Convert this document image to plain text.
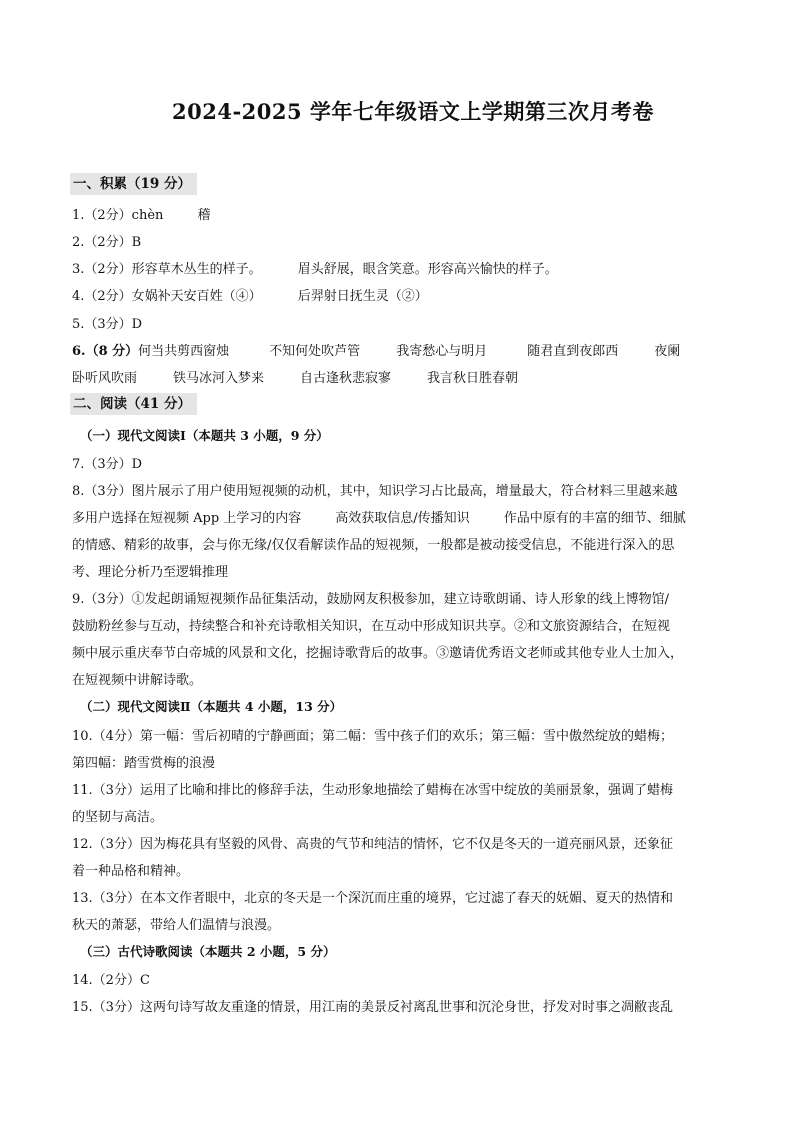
2024-2025 学年七年级语文上学期第三次月考卷
一、积累（19 分）
1.（2分）chèn	稽
2.（2分）B
3.（2分）形容草木丛生的样子。	眉头舒展，眼含笑意。形容高兴愉快的样子。
4.（2分）女娲补天安百姓（④）	后羿射日抚生灵（②）
5.（3分）D
6.（8 分）何当共剪西窗烛	不知何处吹芦管	我寄愁心与明月	随君直到夜郎西	夜阑
卧听风吹雨	铁马冰河入梦来	自古逢秋悲寂寥	我言秋日胜春朝
二、阅读（41 分）
（一）现代文阅读Ⅰ（本题共 3 小题，9 分）
7.（3分）D
8.（3分）图片展示了用户使用短视频的动机，其中，知识学习占比最高，增量最大，符合材料三里越来越
多用户选择在短视频 App 上学习的内容	高效获取信息/传播知识	作品中原有的丰富的细节、细腻
的情感、精彩的故事，会与你无缘/仅仅看解读作品的短视频，一般都是被动接受信息，不能进行深入的思
考、理论分析乃至逻辑推理
9.（3分）①发起朗诵短视频作品征集活动，鼓励网友积极参加，建立诗歌朗诵、诗人形象的线上博物馆/
鼓励粉丝参与互动，持续整合和补充诗歌相关知识，在互动中形成知识共享。②和文旅资源结合，在短视
频中展示重庆奉节白帝城的风景和文化，挖掘诗歌背后的故事。③邀请优秀语文老师或其他专业人士加入，
在短视频中讲解诗歌。
（二）现代文阅读Ⅱ（本题共 4 小题，13 分）
10.（4分）第一幅：雪后初晴的宁静画面；第二幅：雪中孩子们的欢乐；第三幅：雪中傲然绽放的蜡梅；
第四幅：踏雪赏梅的浪漫
11.（3分）运用了比喻和排比的修辞手法，生动形象地描绘了蜡梅在冰雪中绽放的美丽景象，强调了蜡梅
的坚韧与高洁。
12.（3分）因为梅花具有坚毅的风骨、高贵的气节和纯洁的情怀，它不仅是冬天的一道亮丽风景，还象征
着一种品格和精神。
13.（3分）在本文作者眼中，北京的冬天是一个深沉而庄重的境界，它过滤了春天的妩媚、夏天的热情和
秋天的萧瑟，带给人们温情与浪漫。
（三）古代诗歌阅读（本题共 2 小题，5 分）
14.（2分）C
15.（3分）这两句诗写故友重逢的情景，用江南的美景反衬离乱世事和沉沦身世，抒发对时事之凋敝丧乱
